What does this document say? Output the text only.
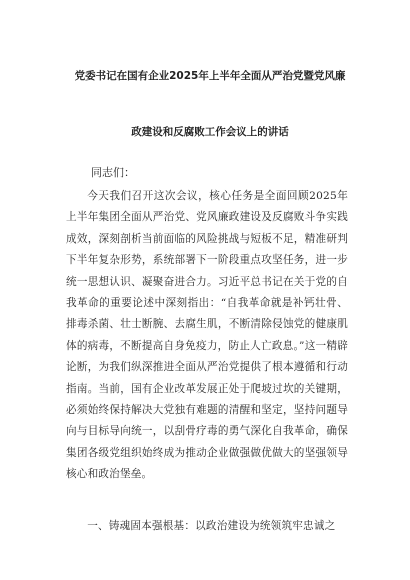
党委书记在国有企业2025年上半年全面从严治党暨党风廉
政建设和反腐败工作会议上的讲话
同志们：

今天我们召开这次会议，核心任务是全面回顾2025年上半年集团全面从严治党、党风廉政建设及反腐败斗争实践成效，深刻剖析当前面临的风险挑战与短板不足，精准研判下半年复杂形势，系统部署下一阶段重点攻坚任务，进一步统一思想认识、凝聚奋进合力。习近平总书记在关于党的自我革命的重要论述中深刻指出：“自我革命就是补钙壮骨、排毒杀菌、壮士断腕、去腐生肌，不断清除侵蚀党的健康肌体的病毒，不断提高自身免疫力，防止人亡政息。”这一精辟论断，为我们纵深推进全面从严治党提供了根本遵循和行动指南。当前，国有企业改革发展正处于爬坡过坎的关键期，必须始终保持解决大党独有难题的清醒和坚定，坚持问题导向与目标导向统一，以刮骨疗毒的勇气深化自我革命，确保集团各级党组织始终成为推动企业做强做优做大的坚强领导核心和政治堡垒。

一、铸魂固本强根基：以政治建设为统领筑牢忠诚之
